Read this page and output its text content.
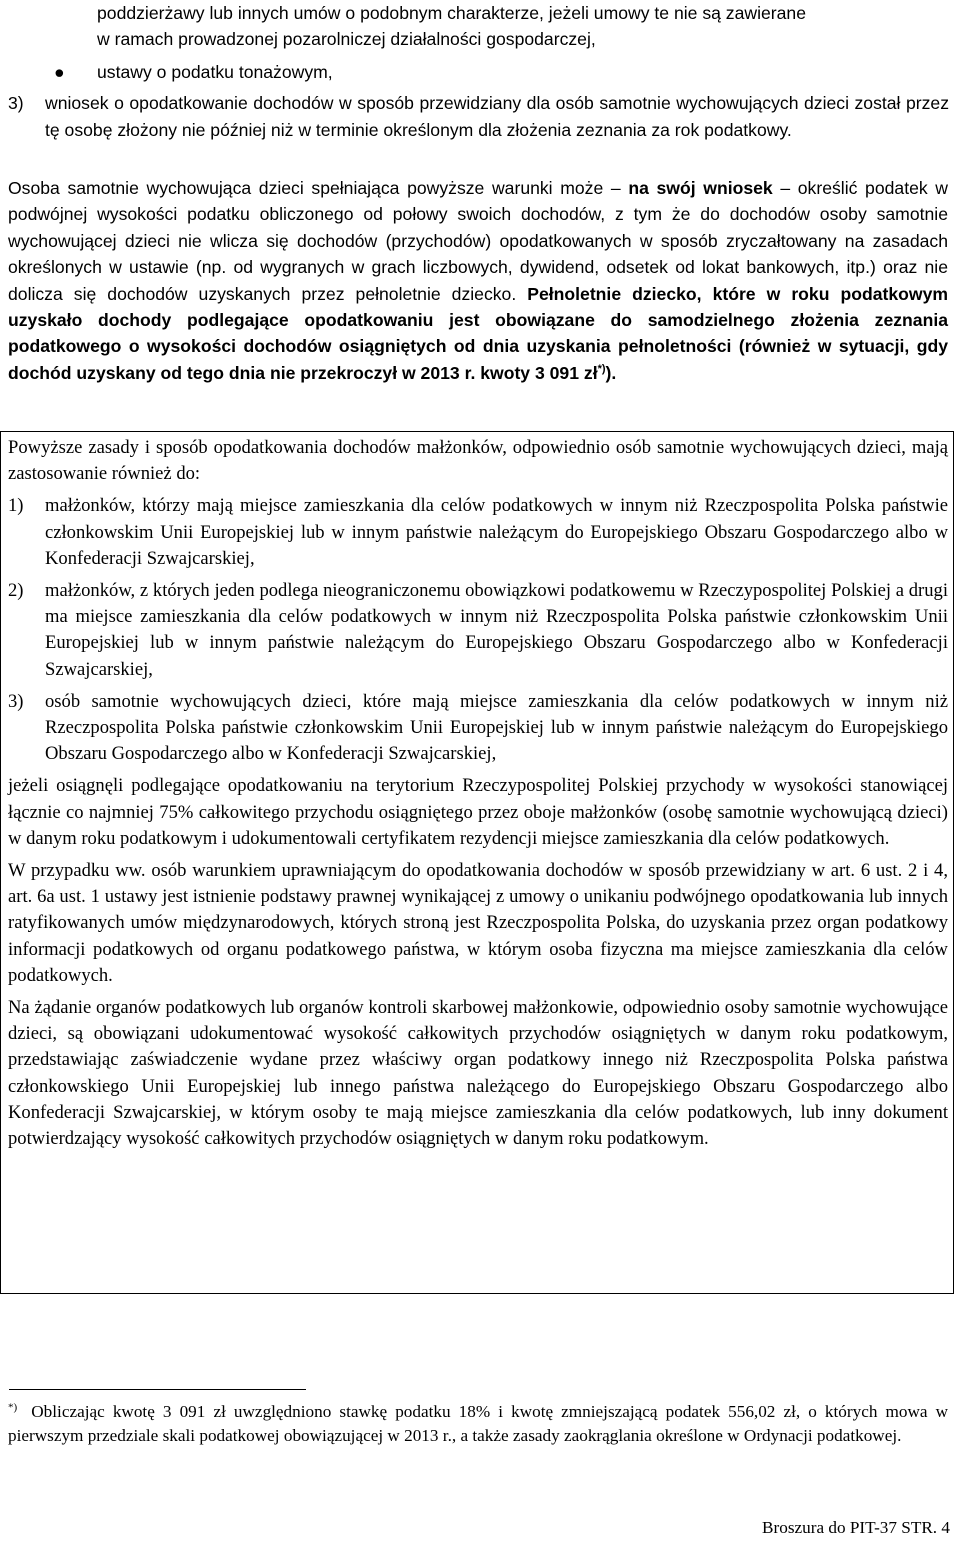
poddzierżawy lub innych umów o podobnym charakterze, jeżeli umowy te nie są zawierane
w ramach prowadzonej pozarolniczej działalności gospodarczej,
● ustawy o podatku tonażowym,
3) wniosek o opodatkowanie dochodów w sposób przewidziany dla osób samotnie wychowujących dzieci został przez tę osobę złożony nie później niż w terminie określonym dla złożenia zeznania za rok podatkowy.
Osoba samotnie wychowująca dzieci spełniająca powyższe warunki może – na swój wniosek – określić podatek w podwójnej wysokości podatku obliczonego od połowy swoich dochodów, z tym że do dochodów osoby samotnie wychowującej dzieci nie wlicza się dochodów (przychodów) opodatkowanych w sposób zryczałtowany na zasadach określonych w ustawie (np. od wygranych w grach liczbowych, dywidend, odsetek od lokat bankowych, itp.) oraz nie dolicza się dochodów uzyskanych przez pełnoletnie dziecko. Pełnoletnie dziecko, które w roku podatkowym uzyskało dochody podlegające opodatkowaniu jest obowiązane do samodzielnego złożenia zeznania podatkowego o wysokości dochodów osiągniętych od dnia uzyskania pełnoletności (również w sytuacji, gdy dochód uzyskany od tego dnia nie przekroczył w 2013 r. kwoty 3 091 zł*)).

Powyższe zasady i sposób opodatkowania dochodów małżonków, odpowiednio osób samotnie wychowujących dzieci, mają zastosowanie również do:

1) małżonków, którzy mają miejsce zamieszkania dla celów podatkowych w innym niż Rzeczpospolita Polska państwie członkowskim Unii Europejskiej lub w innym państwie należącym do Europejskiego Obszaru Gospodarczego albo w Konfederacji Szwajcarskiej,
2) małżonków, z których jeden podlega nieograniczonemu obowiązkowi podatkowemu w Rzeczypospolitej Polskiej a drugi ma miejsce zamieszkania dla celów podatkowych w innym niż Rzeczpospolita Polska państwie członkowskim Unii Europejskiej lub w innym państwie należącym do Europejskiego Obszaru Gospodarczego albo w Konfederacji Szwajcarskiej,
3) osób samotnie wychowujących dzieci, które mają miejsce zamieszkania dla celów podatkowych w innym niż Rzeczpospolita Polska państwie członkowskim Unii Europejskiej lub w innym państwie należącym do Europejskiego Obszaru Gospodarczego albo w Konfederacji Szwajcarskiej,

jeżeli osiągnęli podlegające opodatkowaniu na terytorium Rzeczypospolitej Polskiej przychody w wysokości stanowiącej łącznie co najmniej 75% całkowitego przychodu osiągniętego przez oboje małżonków (osobę samotnie wychowującą dzieci) w danym roku podatkowym i udokumentowali certyfikatem rezydencji miejsce zamieszkania dla celów podatkowych.

W przypadku ww. osób warunkiem uprawniającym do opodatkowania dochodów w sposób przewidziany w art. 6 ust. 2 i 4, art. 6a ust. 1 ustawy jest istnienie podstawy prawnej wynikającej z umowy o unikaniu podwójnego opodatkowania lub innych ratyfikowanych umów międzynarodowych, których stroną jest Rzeczpospolita Polska, do uzyskania przez organ podatkowy informacji podatkowych od organu podatkowego państwa, w którym osoba fizyczna ma miejsce zamieszkania dla celów podatkowych.

Na żądanie organów podatkowych lub organów kontroli skarbowej małżonkowie, odpowiednio osoby samotnie wychowujące dzieci, są obowiązani udokumentować wysokość całkowitych przychodów osiągniętych w danym roku podatkowym, przedstawiając zaświadczenie wydane przez właściwy organ podatkowy innego niż Rzeczpospolita Polska państwa członkowskiego Unii Europejskiej lub innego państwa należącego do Europejskiego Obszaru Gospodarczego albo Konfederacji Szwajcarskiej, w którym osoby te mają miejsce zamieszkania dla celów podatkowych, lub inny dokument potwierdzający wysokość całkowitych przychodów osiągniętych w danym roku podatkowym.

*) Obliczając kwotę 3 091 zł uwzględniono stawkę podatku 18% i kwotę zmniejszającą podatek 556,02 zł, o których mowa w pierwszym przedziale skali podatkowej obowiązującej w 2013 r., a także zasady zaokrąglania określone w Ordynacji podatkowej.
Broszura do PIT-37 STR. 4
